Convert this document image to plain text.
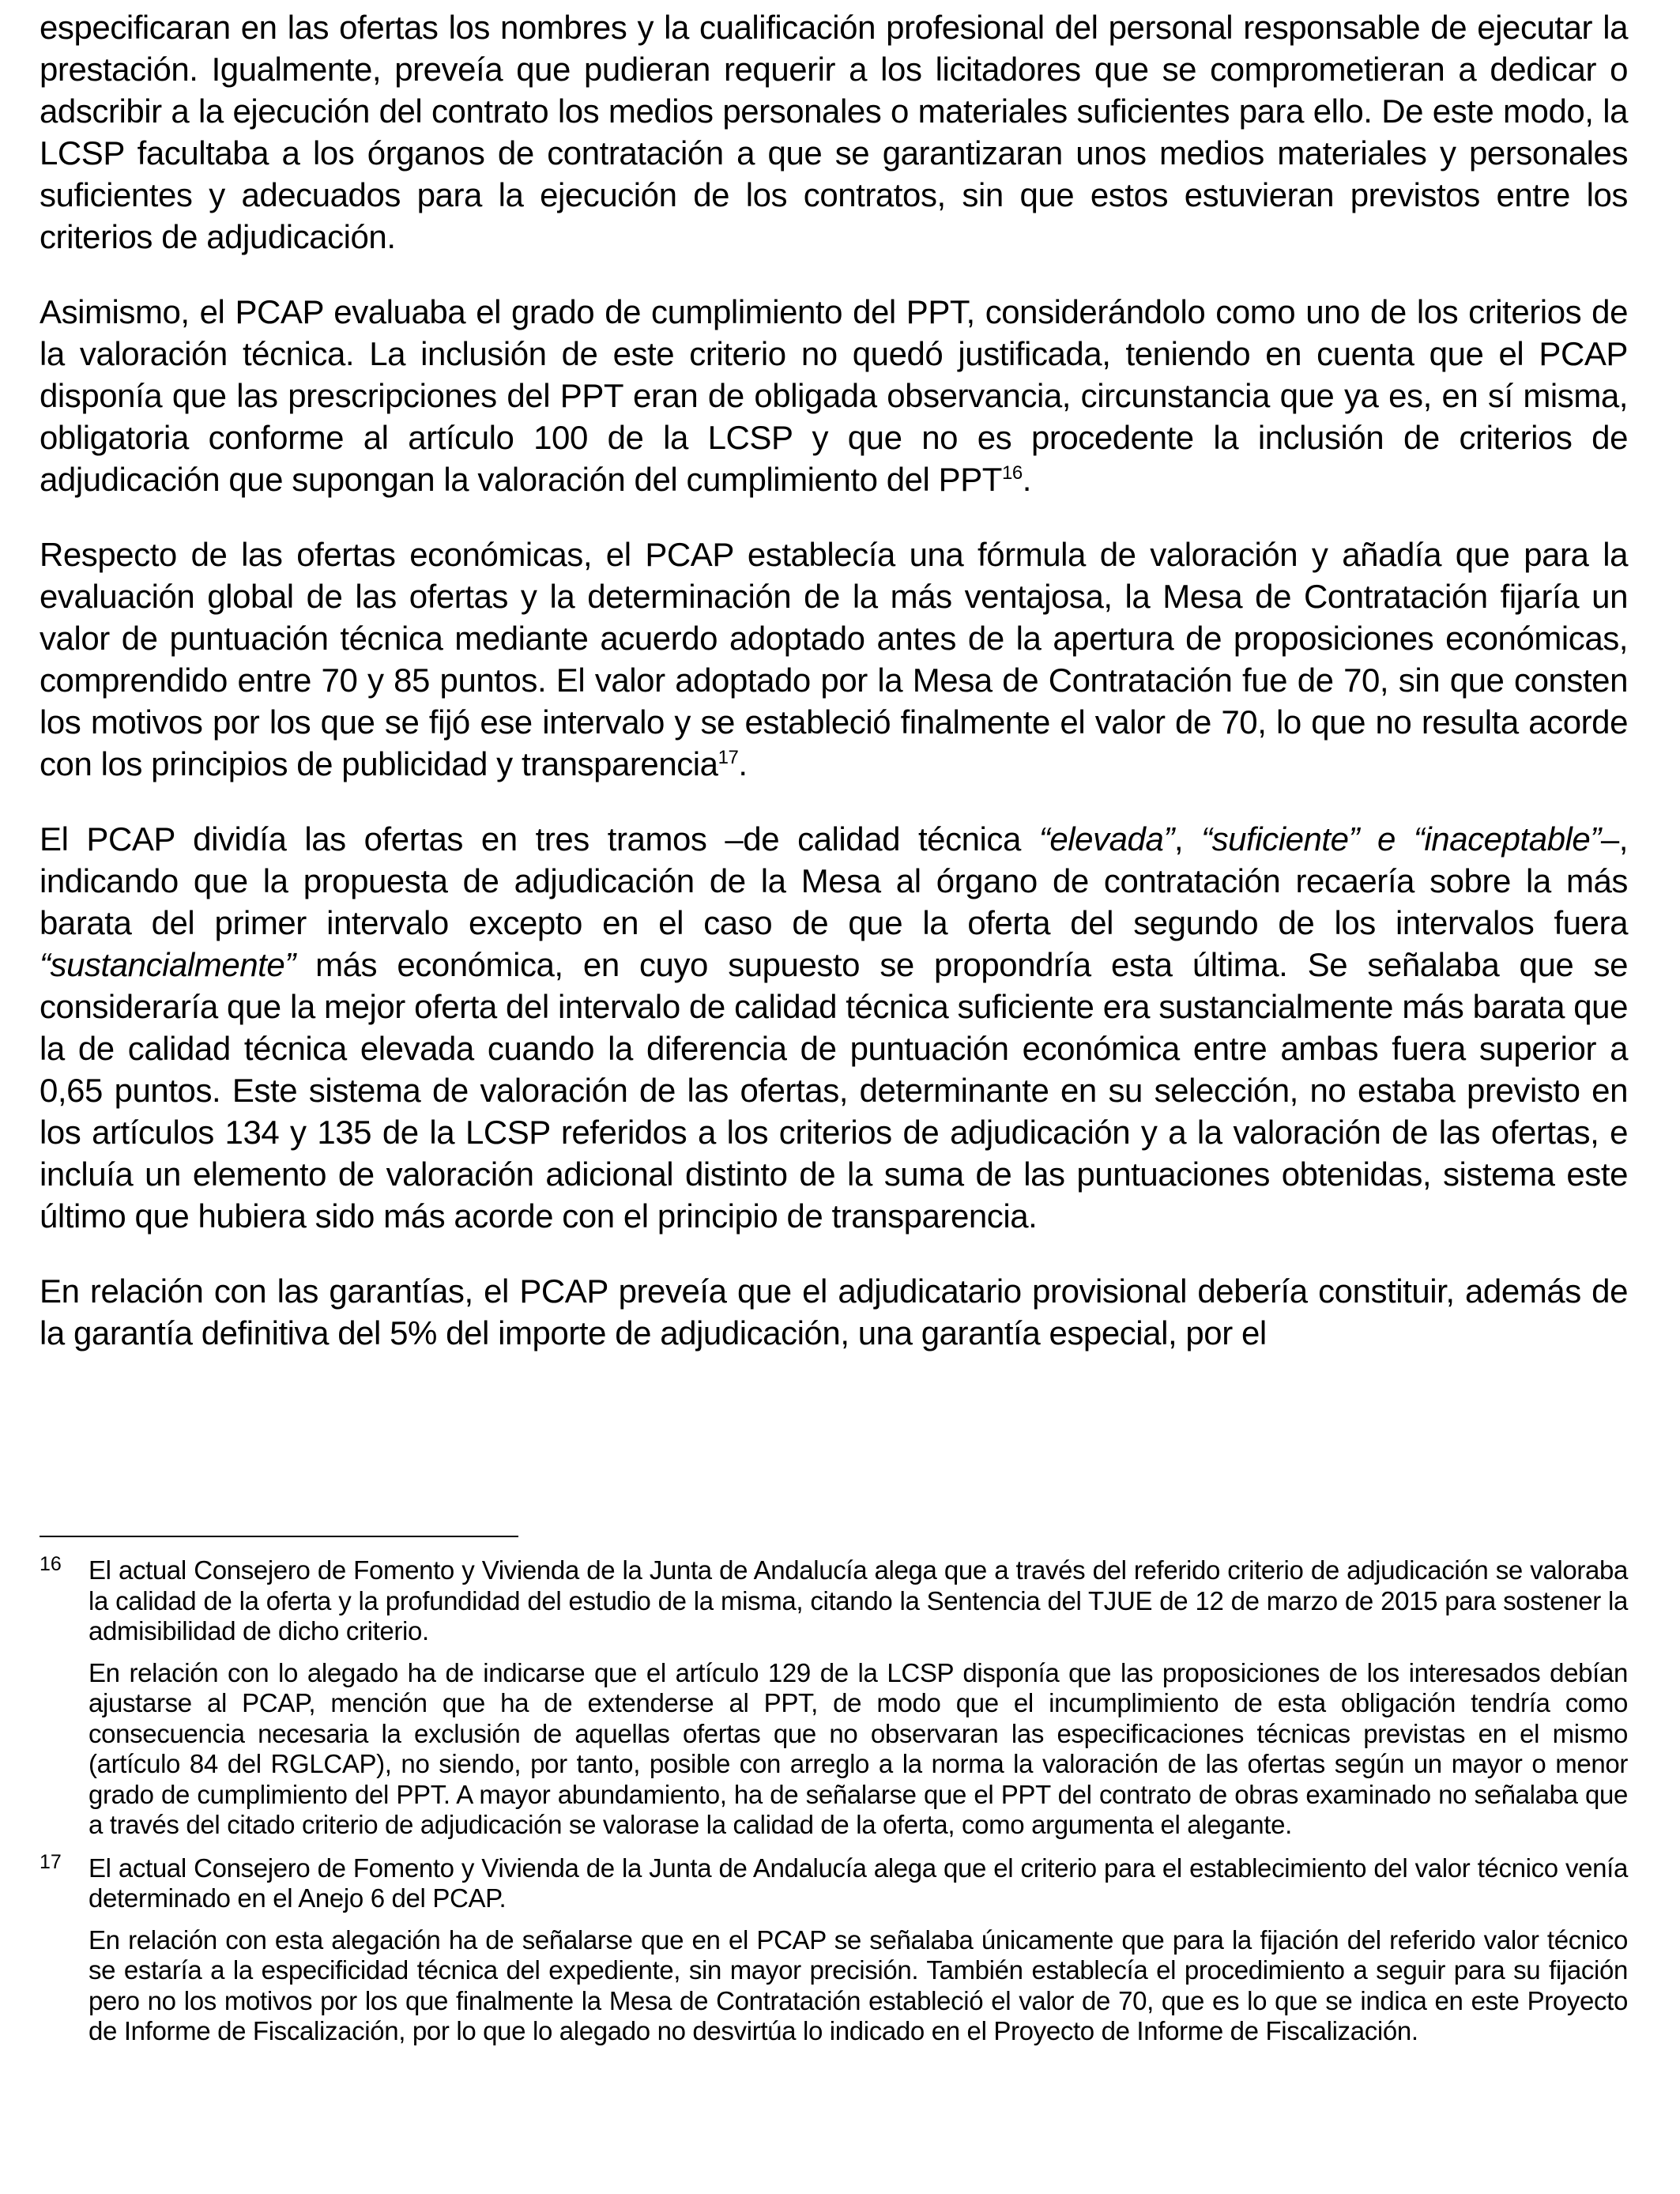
especificaran en las ofertas los nombres y la cualificación profesional del personal responsable de ejecutar la prestación. Igualmente, preveía que pudieran requerir a los licitadores que se comprometieran a dedicar o adscribir a la ejecución del contrato los medios personales o materiales suficientes para ello. De este modo, la LCSP facultaba a los órganos de contratación a que se garantizaran unos medios materiales y personales suficientes y adecuados para la ejecución de los contratos, sin que estos estuvieran previstos entre los criterios de adjudicación.

Asimismo, el PCAP evaluaba el grado de cumplimiento del PPT, considerándolo como uno de los criterios de la valoración técnica. La inclusión de este criterio no quedó justificada, teniendo en cuenta que el PCAP disponía que las prescripciones del PPT eran de obligada observancia, circunstancia que ya es, en sí misma, obligatoria conforme al artículo 100 de la LCSP y que no es procedente la inclusión de criterios de adjudicación que supongan la valoración del cumplimiento del PPT$^{16}$.

Respecto de las ofertas económicas, el PCAP establecía una fórmula de valoración y añadía que para la evaluación global de las ofertas y la determinación de la más ventajosa, la Mesa de Contratación fijaría un valor de puntuación técnica mediante acuerdo adoptado antes de la apertura de proposiciones económicas, comprendido entre 70 y 85 puntos. El valor adoptado por la Mesa de Contratación fue de 70, sin que consten los motivos por los que se fijó ese intervalo y se estableció finalmente el valor de 70, lo que no resulta acorde con los principios de publicidad y transparencia$^{17}$.

El PCAP dividía las ofertas en tres tramos –de calidad técnica “elevada”, “suficiente” e “inaceptable”–, indicando que la propuesta de adjudicación de la Mesa al órgano de contratación recaería sobre la más barata del primer intervalo excepto en el caso de que la oferta del segundo de los intervalos fuera “sustancialmente” más económica, en cuyo supuesto se propondría esta última. Se señalaba que se consideraría que la mejor oferta del intervalo de calidad técnica suficiente era sustancialmente más barata que la de calidad técnica elevada cuando la diferencia de puntuación económica entre ambas fuera superior a 0,65 puntos. Este sistema de valoración de las ofertas, determinante en su selección, no estaba previsto en los artículos 134 y 135 de la LCSP referidos a los criterios de adjudicación y a la valoración de las ofertas, e incluía un elemento de valoración adicional distinto de la suma de las puntuaciones obtenidas, sistema este último que hubiera sido más acorde con el principio de transparencia.

En relación con las garantías, el PCAP preveía que el adjudicatario provisional debería constituir, además de la garantía definitiva del 5% del importe de adjudicación, una garantía especial, por el

16 El actual Consejero de Fomento y Vivienda de la Junta de Andalucía alega que a través del referido criterio de adjudicación se valoraba la calidad de la oferta y la profundidad del estudio de la misma, citando la Sentencia del TJUE de 12 de marzo de 2015 para sostener la admisibilidad de dicho criterio.

En relación con lo alegado ha de indicarse que el artículo 129 de la LCSP disponía que las proposiciones de los interesados debían ajustarse al PCAP, mención que ha de extenderse al PPT, de modo que el incumplimiento de esta obligación tendría como consecuencia necesaria la exclusión de aquellas ofertas que no observaran las especificaciones técnicas previstas en el mismo (artículo 84 del RGLCAP), no siendo, por tanto, posible con arreglo a la norma la valoración de las ofertas según un mayor o menor grado de cumplimiento del PPT. A mayor abundamiento, ha de señalarse que el PPT del contrato de obras examinado no señalaba que a través del citado criterio de adjudicación se valorase la calidad de la oferta, como argumenta el alegante.

17 El actual Consejero de Fomento y Vivienda de la Junta de Andalucía alega que el criterio para el establecimiento del valor técnico venía determinado en el Anejo 6 del PCAP.

En relación con esta alegación ha de señalarse que en el PCAP se señalaba únicamente que para la fijación del referido valor técnico se estaría a la especificidad técnica del expediente, sin mayor precisión. También establecía el procedimiento a seguir para su fijación pero no los motivos por los que finalmente la Mesa de Contratación estableció el valor de 70, que es lo que se indica en este Proyecto de Informe de Fiscalización, por lo que lo alegado no desvirtúa lo indicado en el Proyecto de Informe de Fiscalización.
